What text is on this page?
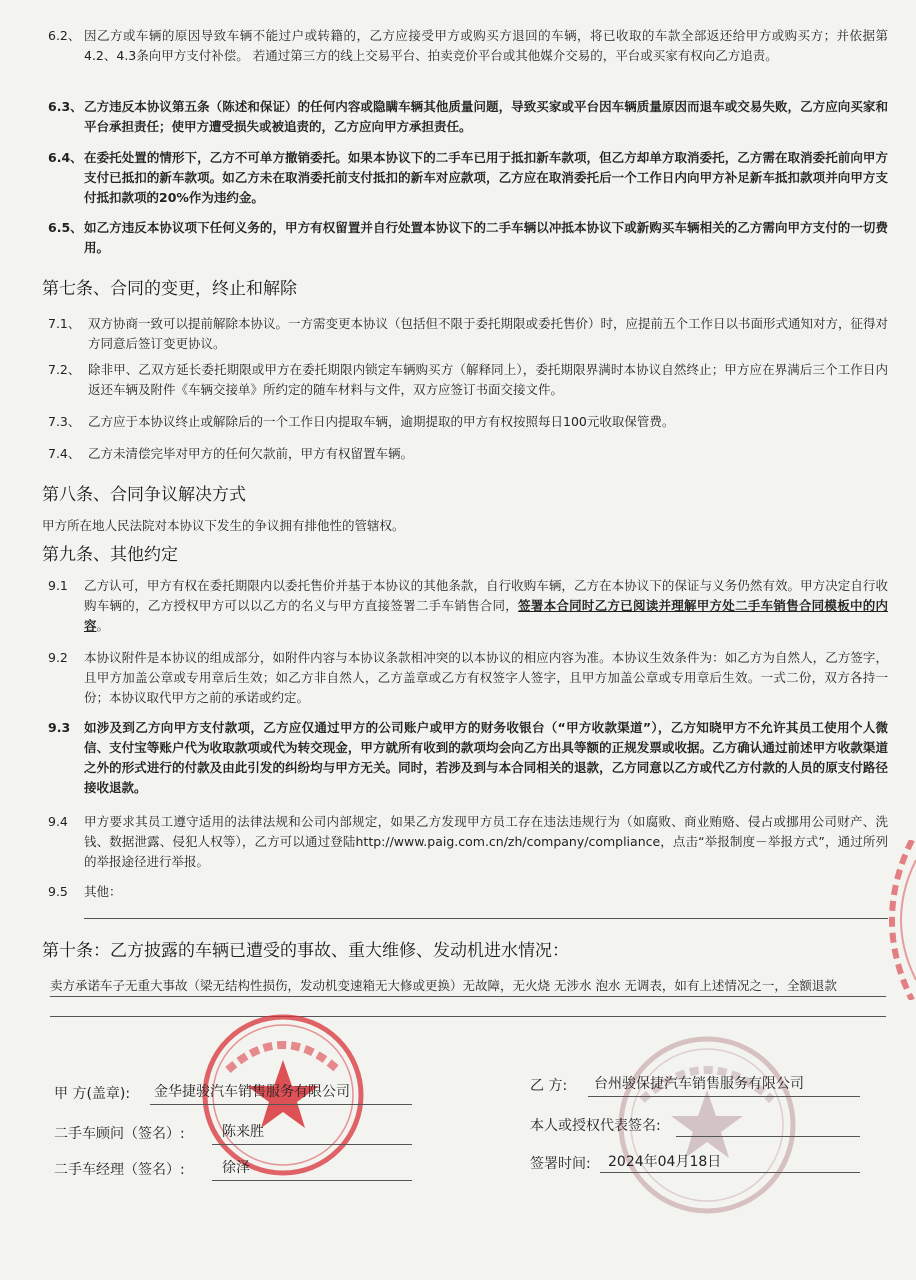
6.2、 因乙方或车辆的原因导致车辆不能过户或转籍的，乙方应接受甲方或购买方退回的车辆，将已收取的车款全部返还给甲方或购买方；并依据第4.2、4.3条向甲方支付补偿。 若通过第三方的线上交易平台、拍卖竞价平台或其他媒介交易的，平台或买家有权向乙方追责。
6.3、 乙方违反本协议第五条（陈述和保证）的任何内容或隐瞒车辆其他质量问题，导致买家或平台因车辆质量原因而退车或交易失败，乙方应向买家和平台承担责任；使甲方遭受损失或被追责的，乙方应向甲方承担责任。
6.4、 在委托处置的情形下，乙方不可单方撤销委托。如果本协议下的二手车已用于抵扣新车款项，但乙方却单方取消委托，乙方需在取消委托前向甲方支付已抵扣的新车款项。如乙方未在取消委托前支付抵扣的新车对应款项，乙方应在取消委托后一个工作日内向甲方补足新车抵扣款项并向甲方支付抵扣款项的20%作为违约金。
6.5、 如乙方违反本协议项下任何义务的，甲方有权留置并自行处置本协议下的二手车辆以冲抵本协议下或新购买车辆相关的乙方需向甲方支付的一切费用。
第七条、合同的变更，终止和解除
7.1、 双方协商一致可以提前解除本协议。一方需变更本协议（包括但不限于委托期限或委托售价）时，应提前五个工作日以书面形式通知对方，征得对方同意后签订变更协议。
7.2、 除非甲、乙双方延长委托期限或甲方在委托期限内锁定车辆购买方（解释同上），委托期限界满时本协议自然终止；甲方应在界满后三个工作日内返还车辆及附件《车辆交接单》所约定的随车材料与文件，双方应签订书面交接文件。
7.3、 乙方应于本协议终止或解除后的一个工作日内提取车辆，逾期提取的甲方有权按照每日100元收取保管费。
7.4、 乙方未清偿完毕对甲方的任何欠款前，甲方有权留置车辆。
第八条、合同争议解决方式
甲方所在地人民法院对本协议下发生的争议拥有排他性的管辖权。
第九条、其他约定
9.1	乙方认可，甲方有权在委托期限内以委托售价并基于本协议的其他条款，自行收购车辆，乙方在本协议下的保证与义务仍然有效。甲方决定自行收购车辆的，乙方授权甲方可以以乙方的名义与甲方直接签署二手车销售合同，签署本合同时乙方已阅读并理解甲方处二手车销售合同模板中的内容。
9.2	本协议附件是本协议的组成部分，如附件内容与本协议条款相冲突的以本协议的相应内容为准。本协议生效条件为：如乙方为自然人，乙方签字，且甲方加盖公章或专用章后生效；如乙方非自然人，乙方盖章或乙方有权签字人签字，且甲方加盖公章或专用章后生效。一式二份，双方各持一份；本协议取代甲方之前的承诺或约定。
9.3	如涉及到乙方向甲方支付款项，乙方应仅通过甲方的公司账户或甲方的财务收银台（“甲方收款渠道”），乙方知晓甲方不允许其员工使用个人微信、支付宝等账户代为收取款项或代为转交现金，甲方就所有收到的款项均会向乙方出具等额的正规发票或收据。乙方确认通过前述甲方收款渠道之外的形式进行的付款及由此引发的纠纷均与甲方无关。同时，若涉及到与本合同相关的退款，乙方同意以乙方或代乙方付款的人员的原支付路径接收退款。
9.4	甲方要求其员工遵守适用的法律法规和公司内部规定，如果乙方发现甲方员工存在违法违规行为（如腐败、商业贿赂、侵占或挪用公司财产、洗钱、数据泄露、侵犯人权等），乙方可以通过登陆http://www.paig.com.cn/zh/company/compliance，点击“举报制度－举报方式”，通过所列的举报途径进行举报。
9.5	其他：
第十条：乙方披露的车辆已遭受的事故、重大维修、发动机进水情况：
卖方承诺车子无重大事故（梁无结构性损伤，发动机变速箱无大修或更换）无故障，无火烧 无涉水 泡水 无调表，如有上述情况之一，全额退款
甲 方(盖章): 金华捷骏汽车销售服务有限公司
二手车顾问（签名）:	陈来胜
二手车经理（签名）:	徐泽
乙 方: 台州骏保捷汽车销售服务有限公司
本人或授权代表签名:
签署时间: 2024年04月18日
